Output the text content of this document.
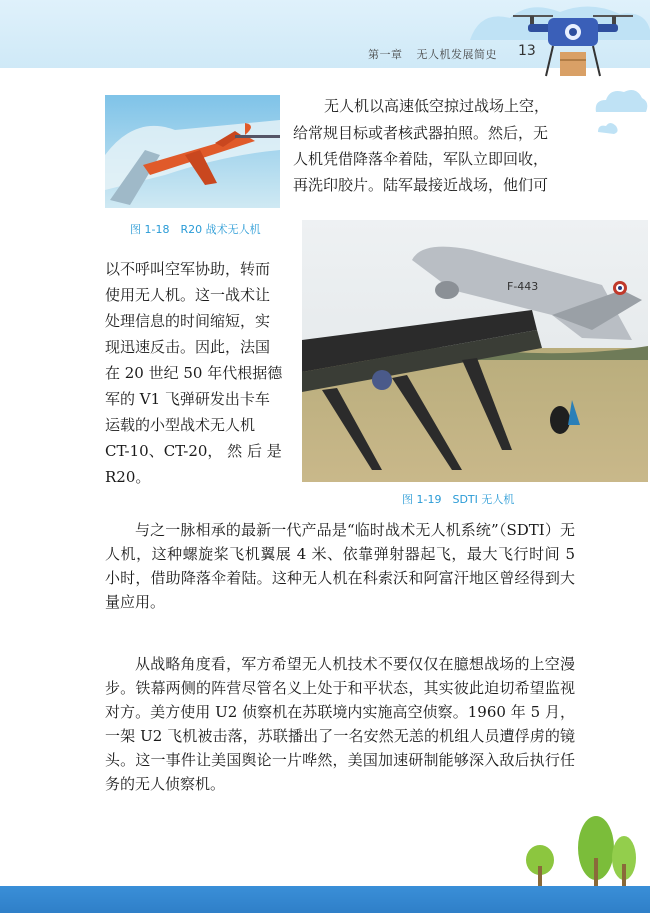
第一章 无人机发展简史 13
图 1-18　R20 战术无人机
F-443
图 1-19　SDTI 无人机
无人机以高速低空掠过战场上空，
给常规目标或者核武器拍照。然后，无
人机凭借降落伞着陆，军队立即回收，
再洗印胶片。陆军最接近战场，他们可
以不呼叫空军协助，转而
使用无人机。这一战术让
处理信息的时间缩短，实
现迅速反击。因此，法国
在 20 世纪 50 年代根据德
军的 V1 飞弹研发出卡车
运载的小型战术无人机
CT-10、CT-20， 然 后 是
R20。

与之一脉相承的最新一代产品是“临时战术无人机系统”（SDTI）无人机，这种螺旋桨飞机翼展 4 米、依靠弹射器起飞，最大飞行时间 5 小时，借助降落伞着陆。这种无人机在科索沃和阿富汗地区曾经得到大量应用。

从战略角度看，军方希望无人机技术不要仅仅在臆想战场的上空漫步。铁幕两侧的阵营尽管名义上处于和平状态，其实彼此迫切希望监视对方。美方使用 U2 侦察机在苏联境内实施高空侦察。1960 年 5 月，一架 U2 飞机被击落，苏联播出了一名安然无恙的机组人员遭俘虏的镜头。这一事件让美国舆论一片哗然，美国加速研制能够深入敌后执行任务的无人侦察机。
